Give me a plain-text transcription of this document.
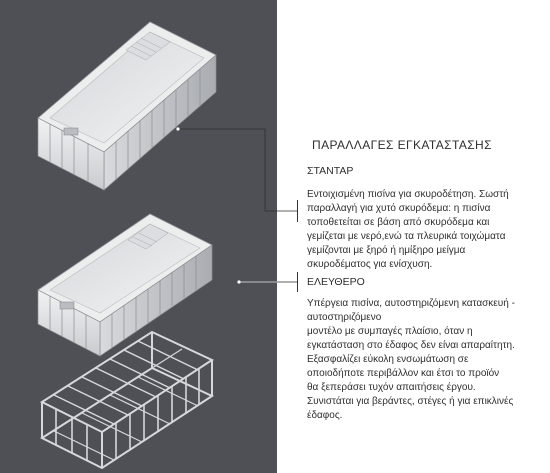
ΠΑΡΑΛΛΑΓΕΣ ΕΓΚΑΤΑΣΤΑΣΗΣ
ΣΤΑΝΤΑΡ
Εντοιχισμένη πισίνα για σκυροδέτηση. Σωστή
παραλλαγή για χυτό σκυρόδεμα: η πισίνα
τοποθετείται σε βάση από σκυρόδεμα και
γεμίζεται με νερό,ενώ τα πλευρικά τοιχώματα
γεμίζονται με ξηρό ή ημίξηρο μείγμα
σκυροδέματος για ενίσχυση.
ΕΛΕΥΘΕΡΟ
Υπέργεια πισίνα, αυτοστηριζόμενη κατασκευή -
αυτοστηριζόμενο
μοντέλο με συμπαγές πλαίσιο, όταν η
εγκατάσταση στο έδαφος δεν είναι απαραίτητη.
Εξασφαλίζει εύκολη ενσωμάτωση σε
οποιοδήποτε περιβάλλον και έτσι το προϊόν
θα ξεπεράσει τυχόν απαιτήσεις έργου.
Συνιστάται για βεράντες, στέγες ή για επικλινές
έδαφος.
